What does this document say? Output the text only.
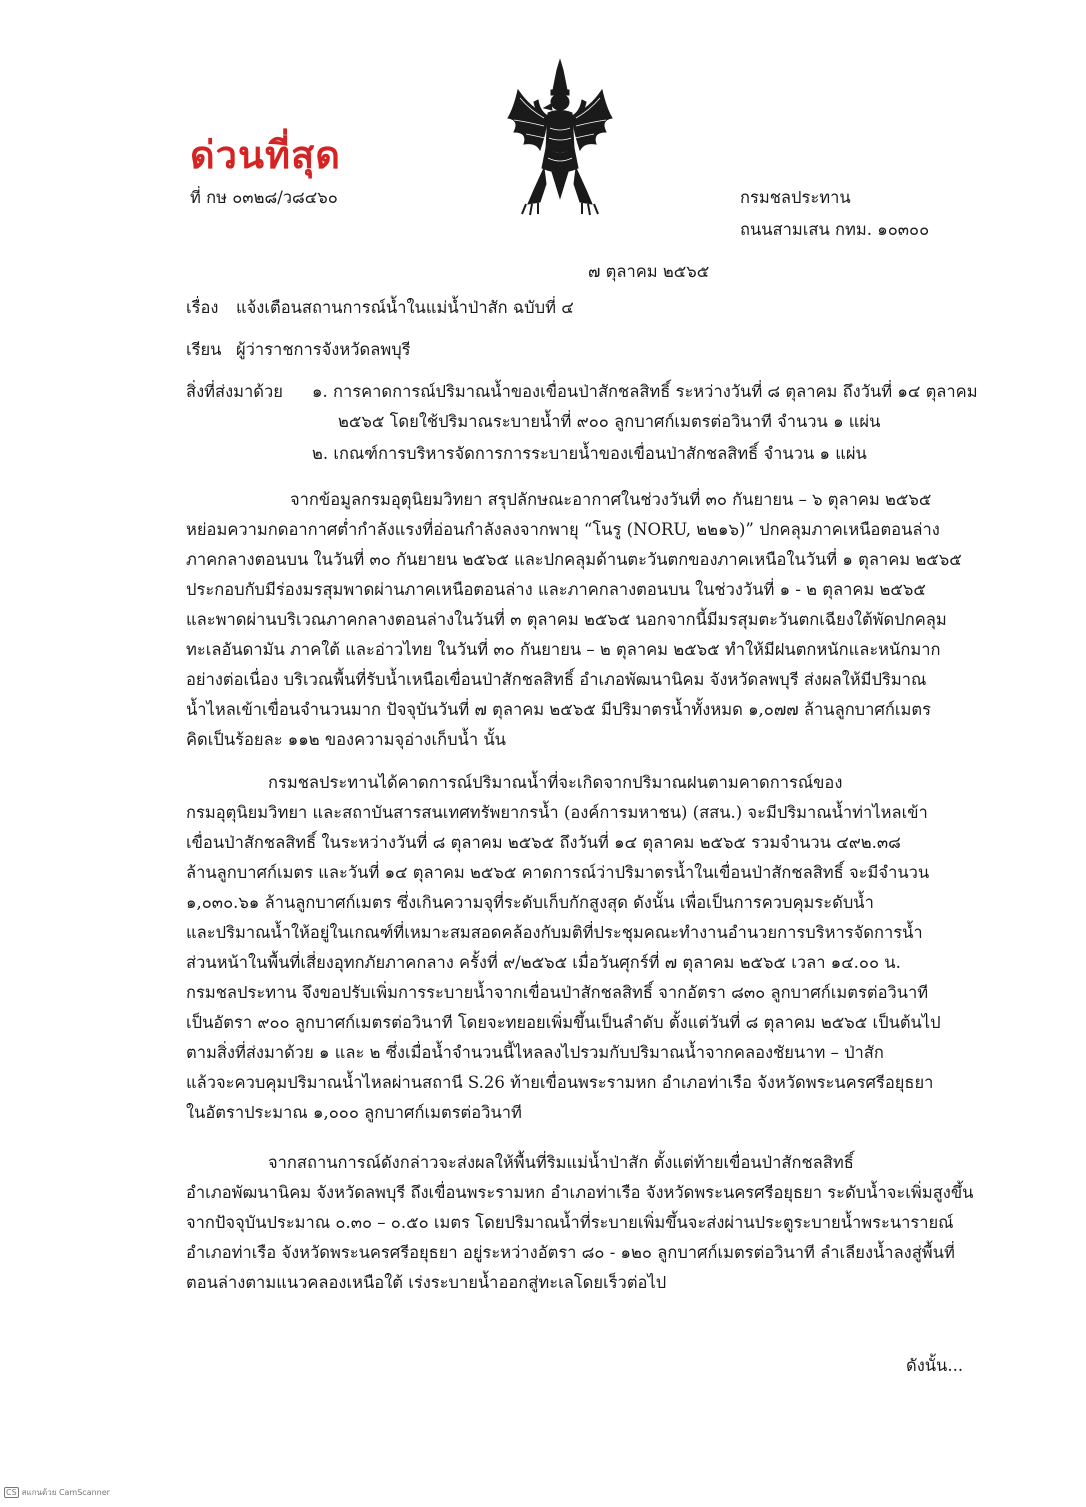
ด่วนที่สุด
ที่ กษ ๐๓๒๘/ว๘๔๖๐	กรมชลประทาน
ถนนสามเสน กทม. ๑๐๓๐๐
๗ ตุลาคม ๒๕๖๕
เรื่อง แจ้งเตือนสถานการณ์น้ำในแม่น้ำป่าสัก ฉบับที่ ๔
เรียน ผู้ว่าราชการจังหวัดลพบุรี
สิ่งที่ส่งมาด้วย ๑. การคาดการณ์ปริมาณน้ำของเขื่อนป่าสักชลสิทธิ์ ระหว่างวันที่ ๘ ตุลาคม ถึงวันที่ ๑๔ ตุลาคม
๒๕๖๕ โดยใช้ปริมาณระบายน้ำที่ ๙๐๐ ลูกบาศก์เมตรต่อวินาที จำนวน ๑ แผ่น
๒. เกณฑ์การบริหารจัดการการระบายน้ำของเขื่อนป่าสักชลสิทธิ์ จำนวน ๑ แผ่น
จากข้อมูลกรมอุตุนิยมวิทยา สรุปลักษณะอากาศในช่วงวันที่ ๓๐ กันยายน – ๖ ตุลาคม ๒๕๖๕
หย่อมความกดอากาศต่ำกำลังแรงที่อ่อนกำลังลงจากพายุ “โนรู (NORU, ๒๒๑๖)” ปกคลุมภาคเหนือตอนล่าง
ภาคกลางตอนบน ในวันที่ ๓๐ กันยายน ๒๕๖๕ และปกคลุมด้านตะวันตกของภาคเหนือในวันที่ ๑ ตุลาคม ๒๕๖๕
ประกอบกับมีร่องมรสุมพาดผ่านภาคเหนือตอนล่าง และภาคกลางตอนบน ในช่วงวันที่ ๑ - ๒ ตุลาคม ๒๕๖๕
และพาดผ่านบริเวณภาคกลางตอนล่างในวันที่ ๓ ตุลาคม ๒๕๖๕ นอกจากนี้มีมรสุมตะวันตกเฉียงใต้พัดปกคลุม
ทะเลอันดามัน ภาคใต้ และอ่าวไทย ในวันที่ ๓๐ กันยายน – ๒ ตุลาคม ๒๕๖๕ ทำให้มีฝนตกหนักและหนักมาก
อย่างต่อเนื่อง บริเวณพื้นที่รับน้ำเหนือเขื่อนป่าสักชลสิทธิ์ อำเภอพัฒนานิคม จังหวัดลพบุรี ส่งผลให้มีปริมาณ
น้ำไหลเข้าเขื่อนจำนวนมาก ปัจจุบันวันที่ ๗ ตุลาคม ๒๕๖๕ มีปริมาตรน้ำทั้งหมด ๑,๐๗๗ ล้านลูกบาศก์เมตร
คิดเป็นร้อยละ ๑๑๒ ของความจุอ่างเก็บน้ำ นั้น
กรมชลประทานได้คาดการณ์ปริมาณน้ำที่จะเกิดจากปริมาณฝนตามคาดการณ์ของ
กรมอุตุนิยมวิทยา และสถาบันสารสนเทศทรัพยากรน้ำ (องค์การมหาชน) (สสน.) จะมีปริมาณน้ำท่าไหลเข้า
เขื่อนป่าสักชลสิทธิ์ ในระหว่างวันที่ ๘ ตุลาคม ๒๕๖๕ ถึงวันที่ ๑๔ ตุลาคม ๒๕๖๕ รวมจำนวน ๔๙๒.๓๘
ล้านลูกบาศก์เมตร และวันที่ ๑๔ ตุลาคม ๒๕๖๕ คาดการณ์ว่าปริมาตรน้ำในเขื่อนป่าสักชลสิทธิ์ จะมีจำนวน
๑,๐๓๐.๖๑ ล้านลูกบาศก์เมตร ซึ่งเกินความจุที่ระดับเก็บกักสูงสุด ดังนั้น เพื่อเป็นการควบคุมระดับน้ำ
และปริมาณน้ำให้อยู่ในเกณฑ์ที่เหมาะสมสอดคล้องกับมติที่ประชุมคณะทำงานอำนวยการบริหารจัดการน้ำ
ส่วนหน้าในพื้นที่เสี่ยงอุทกภัยภาคกลาง ครั้งที่ ๙/๒๕๖๕ เมื่อวันศุกร์ที่ ๗ ตุลาคม ๒๕๖๕ เวลา ๑๔.๐๐ น.
กรมชลประทาน จึงขอปรับเพิ่มการระบายน้ำจากเขื่อนป่าสักชลสิทธิ์ จากอัตรา ๘๓๐ ลูกบาศก์เมตรต่อวินาที
เป็นอัตรา ๙๐๐ ลูกบาศก์เมตรต่อวินาที โดยจะทยอยเพิ่มขึ้นเป็นลำดับ ตั้งแต่วันที่ ๘ ตุลาคม ๒๕๖๕ เป็นต้นไป
ตามสิ่งที่ส่งมาด้วย ๑ และ ๒ ซึ่งเมื่อน้ำจำนวนนี้ไหลลงไปรวมกับปริมาณน้ำจากคลองชัยนาท – ป่าสัก
แล้วจะควบคุมปริมาณน้ำไหลผ่านสถานี S.26 ท้ายเขื่อนพระรามหก อำเภอท่าเรือ จังหวัดพระนครศรีอยุธยา
ในอัตราประมาณ ๑,๐๐๐ ลูกบาศก์เมตรต่อวินาที
จากสถานการณ์ดังกล่าวจะส่งผลให้พื้นที่ริมแม่น้ำป่าสัก ตั้งแต่ท้ายเขื่อนป่าสักชลสิทธิ์
อำเภอพัฒนานิคม จังหวัดลพบุรี ถึงเขื่อนพระรามหก อำเภอท่าเรือ จังหวัดพระนครศรีอยุธยา ระดับน้ำจะเพิ่มสูงขึ้น
จากปัจจุบันประมาณ ๐.๓๐ – ๐.๕๐ เมตร โดยปริมาณน้ำที่ระบายเพิ่มขึ้นจะส่งผ่านประตูระบายน้ำพระนารายณ์
อำเภอท่าเรือ จังหวัดพระนครศรีอยุธยา อยู่ระหว่างอัตรา ๘๐ - ๑๒๐ ลูกบาศก์เมตรต่อวินาที ลำเลียงน้ำลงสู่พื้นที่
ตอนล่างตามแนวคลองเหนือใต้ เร่งระบายน้ำออกสู่ทะเลโดยเร็วต่อไป
ดังนั้น...
CS สแกนด้วย CamScanner
